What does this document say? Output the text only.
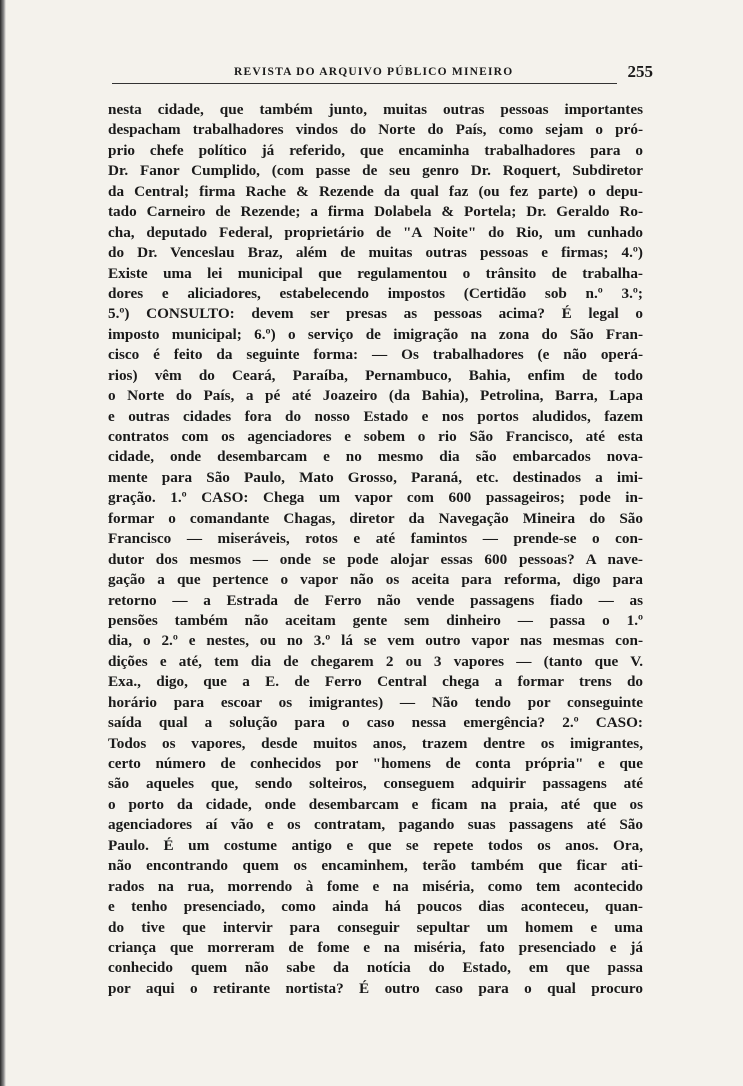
REVISTA DO ARQUIVO PÚBLICO MINEIRO	255
nesta cidade, que também junto, muitas outras pessoas importantes
despacham trabalhadores vindos do Norte do País, como sejam o pró-
prio chefe político já referido, que encaminha trabalhadores para o
Dr. Fanor Cumplido, (com passe de seu genro Dr. Roquert, Subdiretor
da Central; firma Rache & Rezende da qual faz (ou fez parte) o depu-
tado Carneiro de Rezende; a firma Dolabela & Portela; Dr. Geraldo Ro-
cha, deputado Federal, proprietário de "A Noite" do Rio, um cunhado
do Dr. Venceslau Braz, além de muitas outras pessoas e firmas; 4.º)
Existe uma lei municipal que regulamentou o trânsito de trabalha-
dores e aliciadores, estabelecendo impostos (Certidão sob n.º 3.º;
5.º) CONSULTO: devem ser presas as pessoas acima? É legal o
imposto municipal; 6.º) o serviço de imigração na zona do São Fran-
cisco é feito da seguinte forma: — Os trabalhadores (e não operá-
rios) vêm do Ceará, Paraíba, Pernambuco, Bahia, enfim de todo
o Norte do País, a pé até Joazeiro (da Bahia), Petrolina, Barra, Lapa
e outras cidades fora do nosso Estado e nos portos aludidos, fazem
contratos com os agenciadores e sobem o rio São Francisco, até esta
cidade, onde desembarcam e no mesmo dia são embarcados nova-
mente para São Paulo, Mato Grosso, Paraná, etc. destinados a imi-
gração. 1.º CASO: Chega um vapor com 600 passageiros; pode in-
formar o comandante Chagas, diretor da Navegação Mineira do São
Francisco — miseráveis, rotos e até famintos — prende-se o con-
dutor dos mesmos — onde se pode alojar essas 600 pessoas? A nave-
gação a que pertence o vapor não os aceita para reforma, digo para
retorno — a Estrada de Ferro não vende passagens fiado — as
pensões também não aceitam gente sem dinheiro — passa o 1.º
dia, o 2.º e nestes, ou no 3.º lá se vem outro vapor nas mesmas con-
dições e até, tem dia de chegarem 2 ou 3 vapores — (tanto que V.
Exa., digo, que a E. de Ferro Central chega a formar trens do
horário para escoar os imigrantes) — Não tendo por conseguinte
saída qual a solução para o caso nessa emergência? 2.º CASO:
Todos os vapores, desde muitos anos, trazem dentre os imigrantes,
certo número de conhecidos por "homens de conta própria" e que
são aqueles que, sendo solteiros, conseguem adquirir passagens até
o porto da cidade, onde desembarcam e ficam na praia, até que os
agenciadores aí vão e os contratam, pagando suas passagens até São
Paulo. É um costume antigo e que se repete todos os anos. Ora,
não encontrando quem os encaminhem, terão também que ficar ati-
rados na rua, morrendo à fome e na miséria, como tem acontecido
e tenho presenciado, como ainda há poucos dias aconteceu, quan-
do tive que intervir para conseguir sepultar um homem e uma
criança que morreram de fome e na miséria, fato presenciado e já
conhecido quem não sabe da notícia do Estado, em que passa
por aqui o retirante nortista? É outro caso para o qual procuro
